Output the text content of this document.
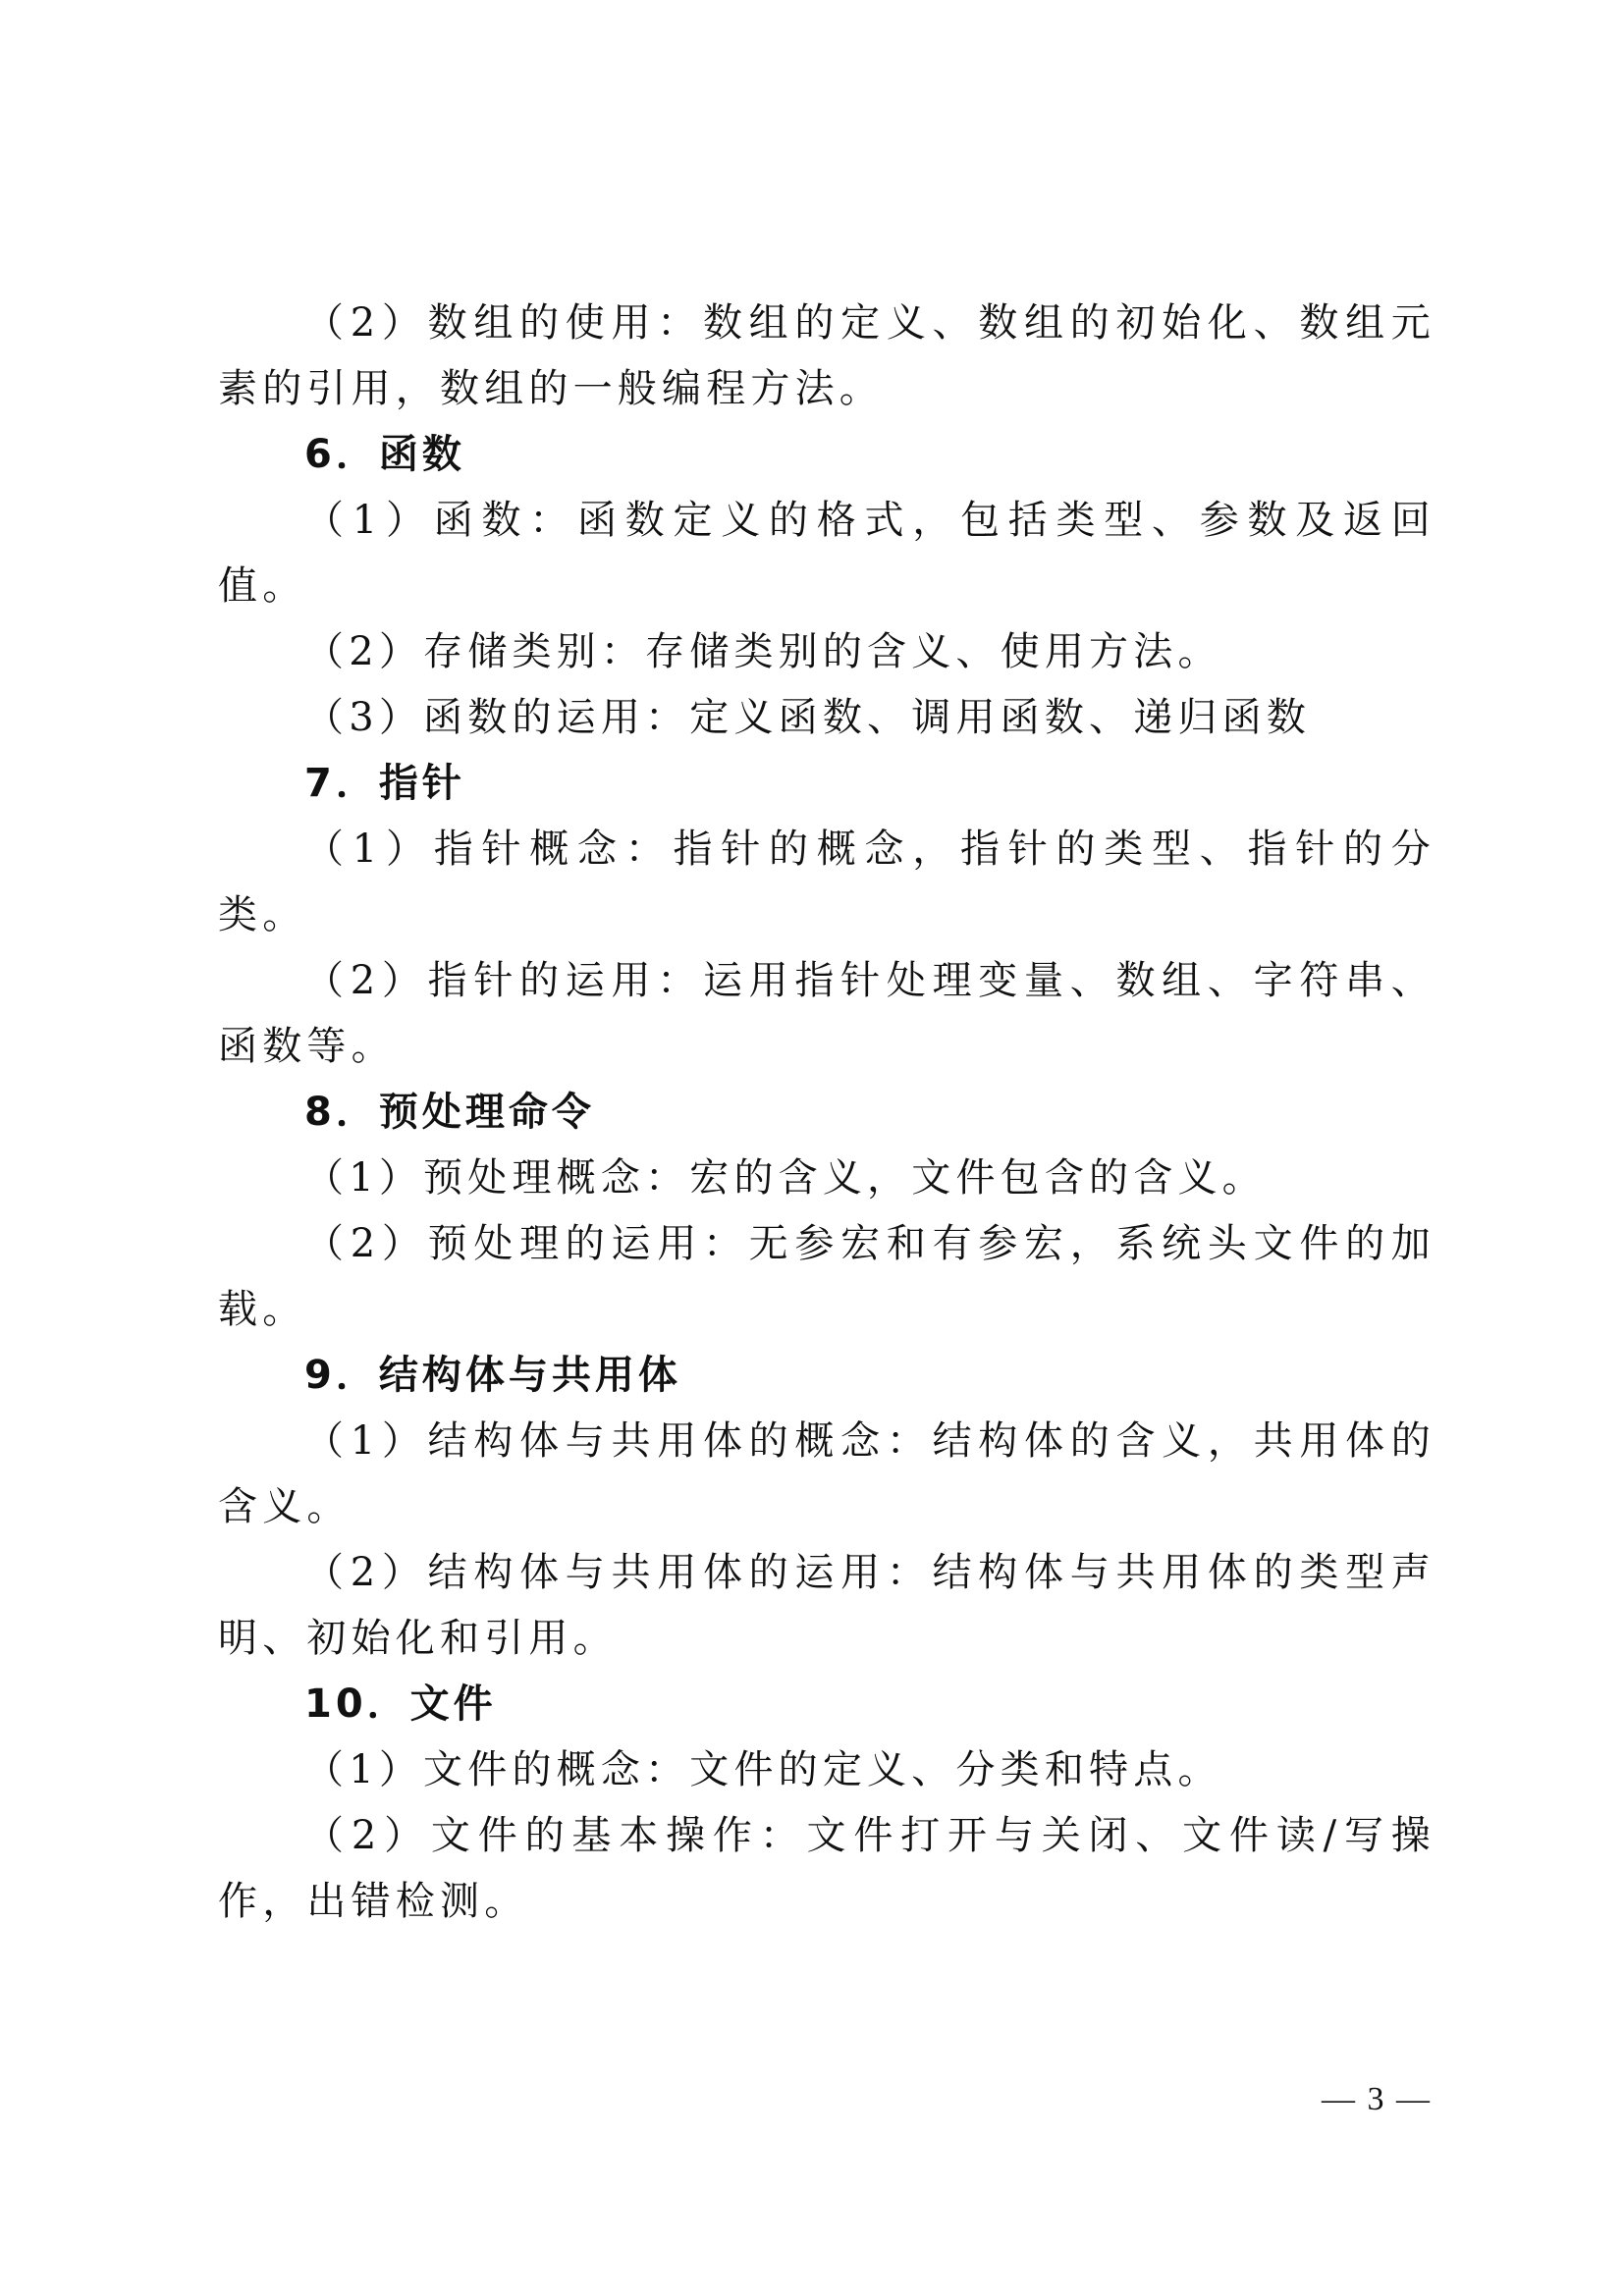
（2）数组的使用：数组的定义、数组的初始化、数组元素的引用，数组的一般编程方法。

6．函数

（1）函数：函数定义的格式，包括类型、参数及返回值。

（2）存储类别：存储类别的含义、使用方法。

（3）函数的运用：定义函数、调用函数、递归函数

7．指针

（1）指针概念：指针的概念，指针的类型、指针的分类。

（2）指针的运用：运用指针处理变量、数组、字符串、函数等。

8．预处理命令

（1）预处理概念：宏的含义，文件包含的含义。

（2）预处理的运用：无参宏和有参宏，系统头文件的加载。

9．结构体与共用体

（1）结构体与共用体的概念：结构体的含义，共用体的含义。

（2）结构体与共用体的运用：结构体与共用体的类型声明、初始化和引用。

10．文件

（1）文件的概念：文件的定义、分类和特点。

（2）文件的基本操作：文件打开与关闭、文件读/写操作，出错检测。

— 3 —
